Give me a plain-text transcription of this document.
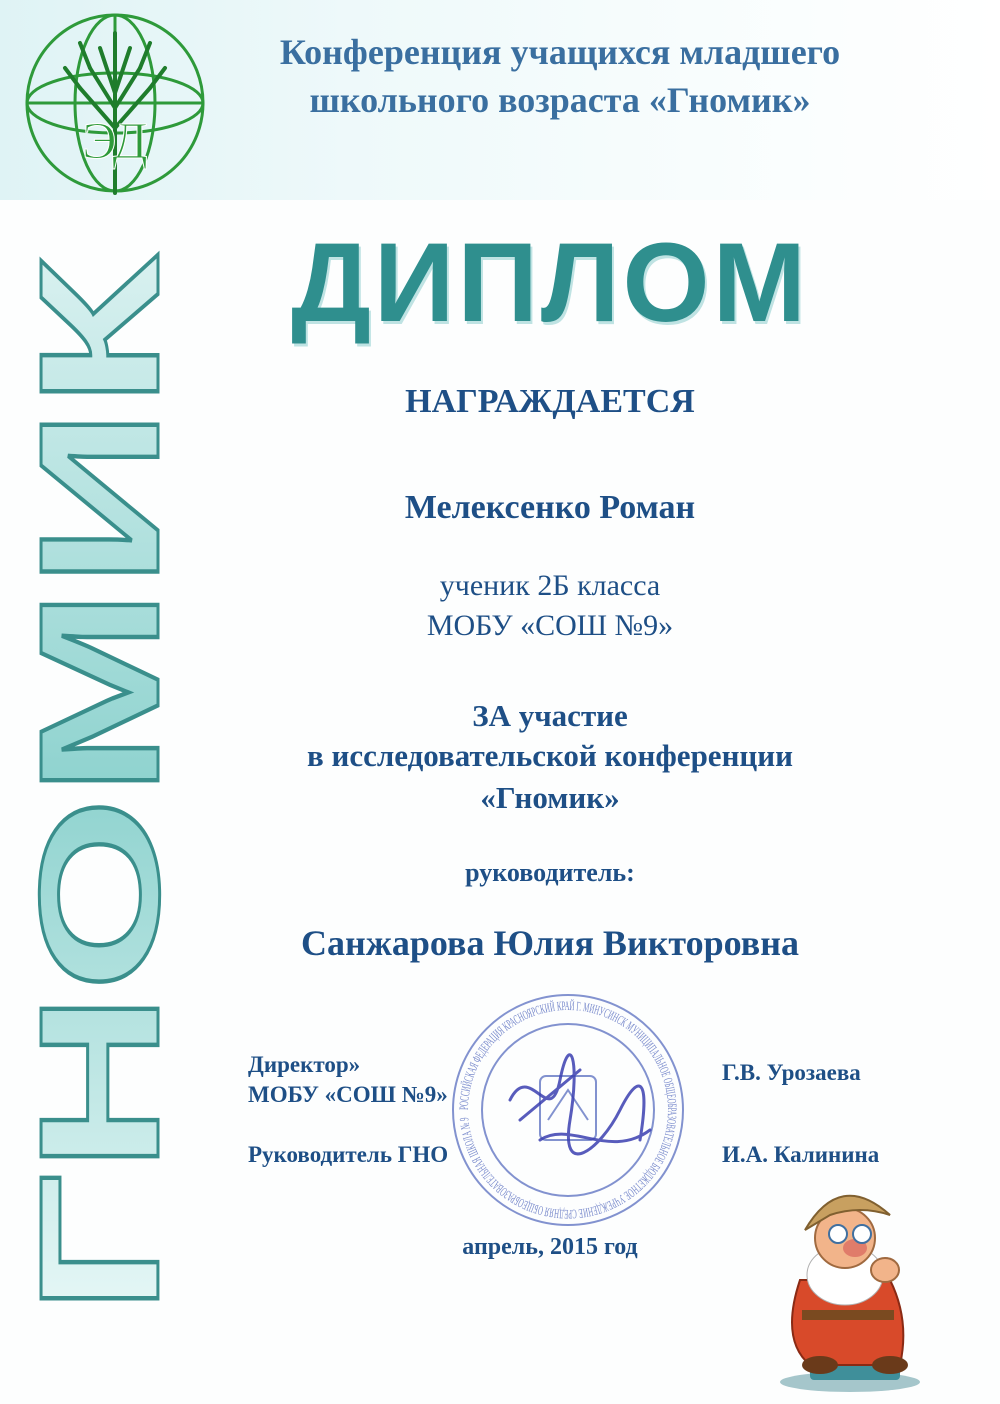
ЭД
Конференция учащихся младшего
школьного возраста «Гномик»
ГНОМИК
ДИПЛОМ
НАГРАЖДАЕТСЯ
Мелексенко Роман
ученик 2Б класса
МОБУ «СОШ №9»
ЗА участие
в исследовательской конференции
«Гномик»
руководитель:
Санжарова Юлия Викторовна
РОССИЙСКАЯ ФЕДЕРАЦИЯ КРАСНОЯРСКИЙ КРАЙ Г. МИНУСИНСК МУНИЦИПАЛЬНОЕ ОБЩЕОБРАЗОВАТЕЛЬНОЕ БЮДЖЕТНОЕ УЧРЕЖДЕНИЕ СРЕДНЯЯ ОБЩЕОБРАЗОВАТЕЛЬНАЯ ШКОЛА № 9
Директор»
МОБУ «СОШ №9»
Г.В. Урозаева
Руководитель ГНО	И.А. Калинина
апрель, 2015 год
